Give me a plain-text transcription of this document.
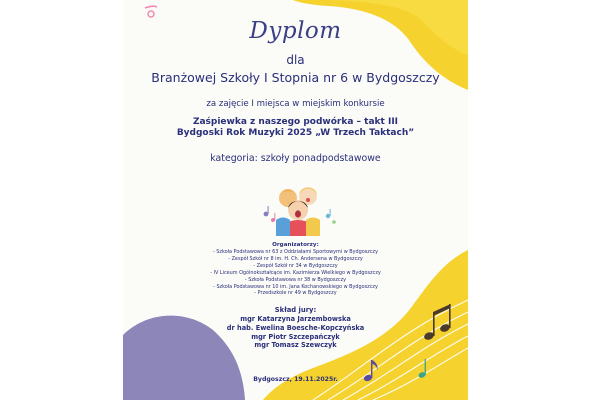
Dyplom
dla
Branżowej Szkoły I Stopnia nr 6 w Bydgoszczy
za zajęcie I miejsca w miejskim konkursie
Zaśpiewka z naszego podwórka – takt III
Bydgoski Rok Muzyki 2025 „W Trzech Taktach”
kategoria: szkoły ponadpodstawowe
Organizatorzy:
- Szkoła Podstawowa nr 63 z Oddziałami Sportowymi w Bydgoszczy
- Zespół Szkół nr 8 im. H. Ch. Andersena w Bydgoszczy
- Zespół Szkół nr 34 w Bydgoszczy
- IV Liceum Ogólnokształcące im. Kazimierza Wielkiego w Bydgoszczy
- Szkoła Podstawowa nr 38 w Bydgoszczy
- Szkoła Podstawowa nr 10 im. Jana Kochanowskiego w Bydgoszczy
- Przedszkole nr 49 w Bydgoszczy
Skład jury:
mgr Katarzyna Jarzembowska
dr hab. Ewelina Boesche-Kopczyńska
mgr Piotr Szczepańczyk
mgr Tomasz Szewczyk
Bydgoszcz, 19.11.2025r.
